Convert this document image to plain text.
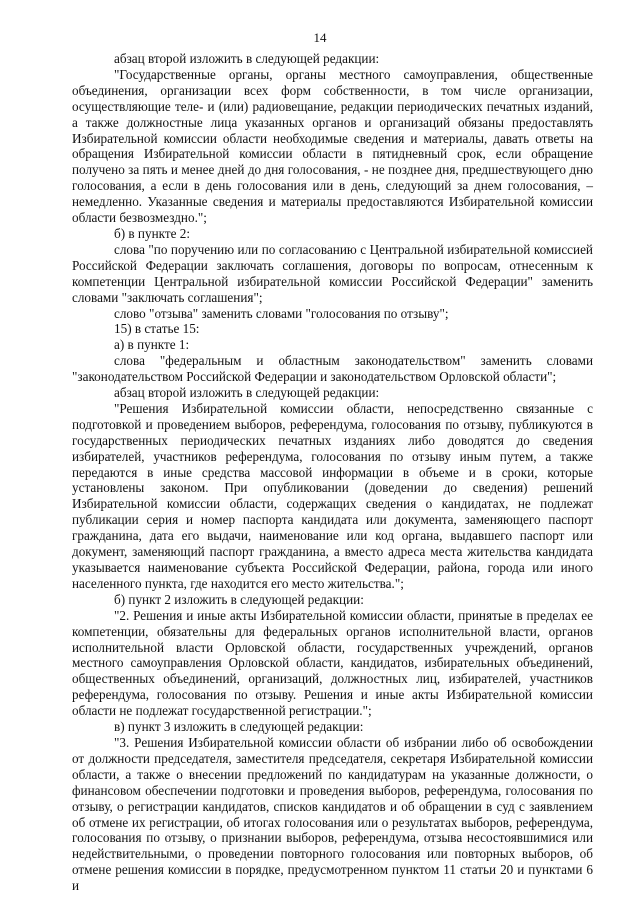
14

абзац второй изложить в следующей редакции:

"Государственные органы, органы местного самоуправления, общественные объединения, организации всех форм собственности, в том числе организации, осуществляющие теле- и (или) радиовещание, редакции периодических печатных изданий, а также должностные лица указанных органов и организаций обязаны предоставлять Избирательной комиссии области необходимые сведения и материалы, давать ответы на обращения Избирательной комиссии области в пятидневный срок, если обращение получено за пять и менее дней до дня голосования, - не позднее дня, предшествующего дню голосования, а если в день голосования или в день, следующий за днем голосования, – немедленно. Указанные сведения и материалы предоставляются Избирательной комиссии области безвозмездно.";

б) в пункте 2:

слова "по поручению или по согласованию с Центральной избирательной комиссией Российской Федерации заключать соглашения, договоры по вопросам, отнесенным к компетенции Центральной избирательной комиссии Российской Федерации" заменить словами "заключать соглашения";

слово "отзыва" заменить словами "голосования по отзыву";

15) в статье 15:

а) в пункте 1:

слова "федеральным и областным законодательством" заменить словами "законодательством Российской Федерации и законодательством Орловской области";

абзац второй изложить в следующей редакции:

"Решения Избирательной комиссии области, непосредственно связанные с подготовкой и проведением выборов, референдума, голосования по отзыву, публикуются в государственных периодических печатных изданиях либо доводятся до сведения избирателей, участников референдума, голосования по отзыву иным путем, а также передаются в иные средства массовой информации в объеме и в сроки, которые установлены законом. При опубликовании (доведении до сведения) решений Избирательной комиссии области, содержащих сведения о кандидатах, не подлежат публикации серия и номер паспорта кандидата или документа, заменяющего паспорт гражданина, дата его выдачи, наименование или код органа, выдавшего паспорт или документ, заменяющий паспорт гражданина, а вместо адреса места жительства кандидата указывается наименование субъекта Российской Федерации, района, города или иного населенного пункта, где находится его место жительства.";

б) пункт 2 изложить в следующей редакции:

"2. Решения и иные акты Избирательной комиссии области, принятые в пределах ее компетенции, обязательны для федеральных органов исполнительной власти, органов исполнительной власти Орловской области, государственных учреждений, органов местного самоуправления Орловской области, кандидатов, избирательных объединений, общественных объединений, организаций, должностных лиц, избирателей, участников референдума, голосования по отзыву. Решения и иные акты Избирательной комиссии области не подлежат государственной регистрации.";

в) пункт 3 изложить в следующей редакции:

"3. Решения Избирательной комиссии области об избрании либо об освобождении от должности председателя, заместителя председателя, секретаря Избирательной комиссии области, а также о внесении предложений по кандидатурам на указанные должности, о финансовом обеспечении подготовки и проведения выборов, референдума, голосования по отзыву, о регистрации кандидатов, списков кандидатов и об обращении в суд с заявлением об отмене их регистрации, об итогах голосования или о результатах выборов, референдума, голосования по отзыву, о признании выборов, референдума, отзыва несостоявшимися или недействительными, о проведении повторного голосования или повторных выборов, об отмене решения комиссии в порядке, предусмотренном пунктом 11 статьи 20 и пунктами 6 и
